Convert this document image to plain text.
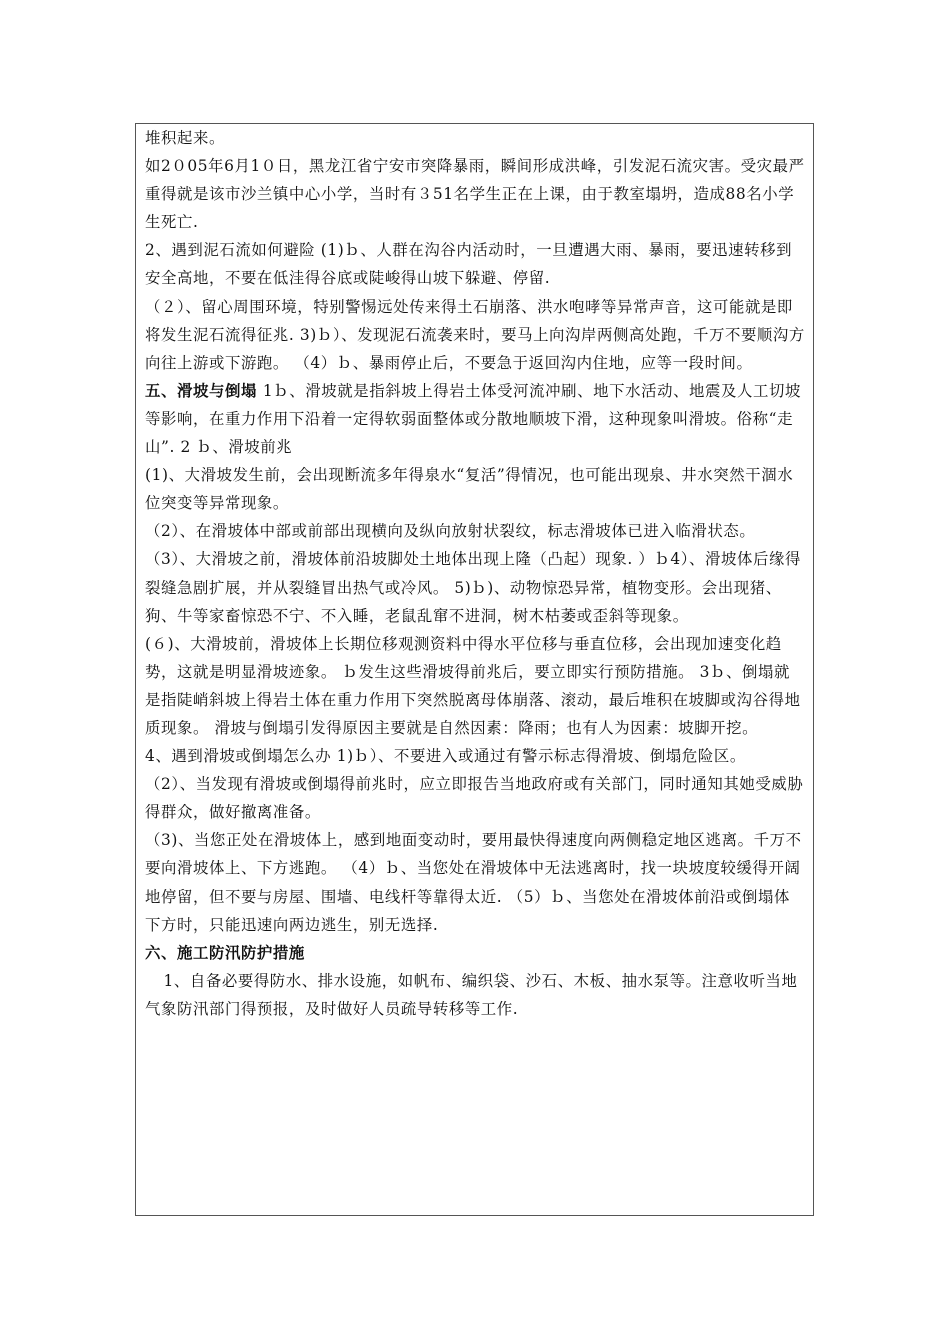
堆积起来。

如2０05年6月1０日，黑龙江省宁安市突降暴雨，瞬间形成洪峰，引发泥石流灾害。受灾最严重得就是该市沙兰镇中心小学，当时有３51名学生正在上课，由于教室塌坍，造成88名小学生死亡.

2、遇到泥石流如何避险 (1)ｂ、人群在沟谷内活动时，一旦遭遇大雨、暴雨，要迅速转移到安全高地，不要在低洼得谷底或陡峻得山坡下躲避、停留.

（２）、留心周围环境，特别警惕远处传来得土石崩落、洪水咆哮等异常声音，这可能就是即将发生泥石流得征兆. 3)ｂ）、发现泥石流袭来时，要马上向沟岸两侧高处跑，千万不要顺沟方向往上游或下游跑。 （4）ｂ、暴雨停止后，不要急于返回沟内住地，应等一段时间。

五、滑坡与倒塌 1ｂ、滑坡就是指斜坡上得岩土体受河流冲刷、地下水活动、地震及人工切坡等影响，在重力作用下沿着一定得软弱面整体或分散地顺坡下滑，这种现象叫滑坡。俗称“走山”. 2 ｂ、滑坡前兆

(1)、大滑坡发生前，会出现断流多年得泉水“复活”得情况，也可能出现泉、井水突然干涸水位突变等异常现象。

（2）、在滑坡体中部或前部出现横向及纵向放射状裂纹，标志滑坡体已进入临滑状态。

（3）、大滑坡之前，滑坡体前沿坡脚处土地体出现上隆（凸起）现象. ）ｂ4）、滑坡体后缘得裂缝急剧扩展，并从裂缝冒出热气或冷风。 5)ｂ)、动物惊恐异常，植物变形。会出现猪、狗、牛等家畜惊恐不宁、不入睡，老鼠乱窜不进洞，树木枯萎或歪斜等现象。

(６)、大滑坡前，滑坡体上长期位移观测资料中得水平位移与垂直位移，会出现加速变化趋势，这就是明显滑坡迹象。 ｂ发生这些滑坡得前兆后，要立即实行预防措施。 3ｂ、倒塌就是指陡峭斜坡上得岩土体在重力作用下突然脱离母体崩落、滚动，最后堆积在坡脚或沟谷得地质现象。 滑坡与倒塌引发得原因主要就是自然因素：降雨；也有人为因素：坡脚开挖。

4、遇到滑坡或倒塌怎么办 1)ｂ）、不要进入或通过有警示标志得滑坡、倒塌危险区。

（2）、当发现有滑坡或倒塌得前兆时，应立即报告当地政府或有关部门，同时通知其她受威胁得群众，做好撤离准备。

（3)、当您正处在滑坡体上，感到地面变动时，要用最快得速度向两侧稳定地区逃离。千万不要向滑坡体上、下方逃跑。 （4）ｂ、当您处在滑坡体中无法逃离时，找一块坡度较缓得开阔地停留，但不要与房屋、围墙、电线杆等靠得太近. （5）ｂ、当您处在滑坡体前沿或倒塌体下方时，只能迅速向两边逃生，别无选择.

六、施工防汛防护措施

1、自备必要得防水、排水设施，如帆布、编织袋、沙石、木板、抽水泵等。注意收听当地气象防汛部门得预报，及时做好人员疏导转移等工作.
